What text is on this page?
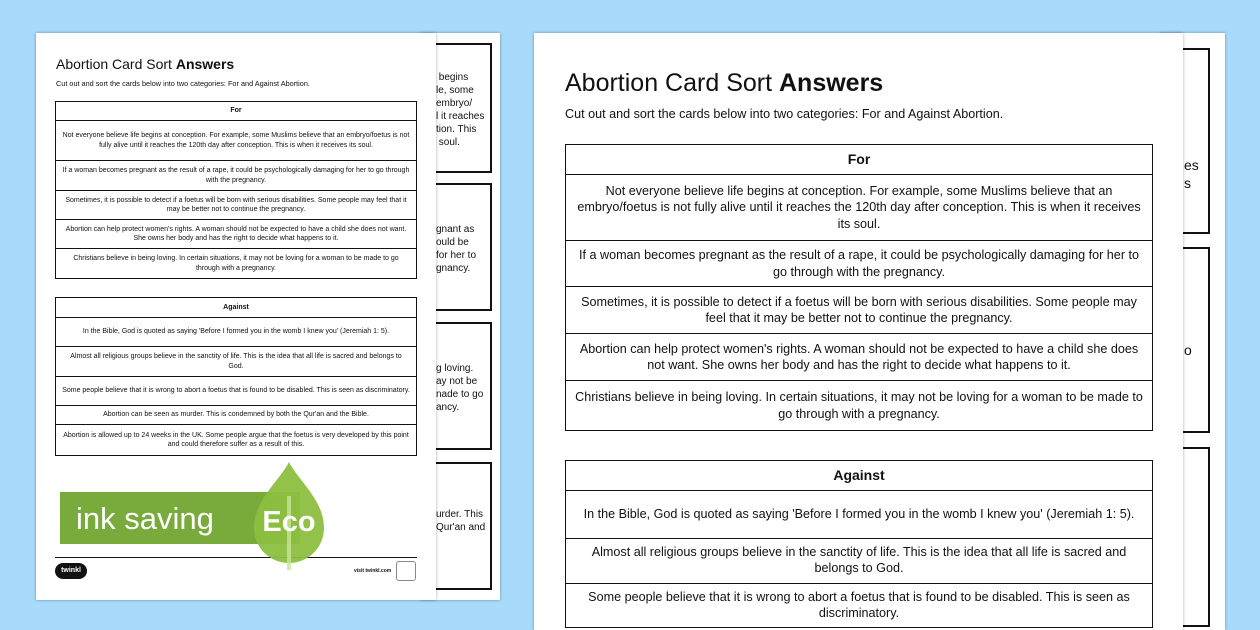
begins
le, some
embryo/
l it reaches
tion. This
soul.

gnant as
ould be
for her to
gnancy.

g loving.
ay not be
nade to go
ancy.

urder. This
Qur'an and

Abortion Card Sort Answers
Cut out and sort the cards below into two categories: For and Against Abortion.
For
Not everyone believe life begins at conception. For example, some Muslims believe that an embryo/foetus is not fully alive until it reaches the 120th day after conception. This is when it receives its soul.
If a woman becomes pregnant as the result of a rape, it could be psychologically damaging for her to go through with the pregnancy.
Sometimes, it is possible to detect if a foetus will be born with serious disabilities. Some people may feel that it may be better not to continue the pregnancy.
Abortion can help protect women's rights. A woman should not be expected to have a child she does not want. She owns her body and has the right to decide what happens to it.
Christians believe in being loving. In certain situations, it may not be loving for a woman to be made to go through with a pregnancy.
Against
In the Bible, God is quoted as saying 'Before I formed you in the womb I knew you' (Jeremiah 1: 5).
Almost all religious groups believe in the sanctity of life. This is the idea that all life is sacred and belongs to God.
Some people believe that it is wrong to abort a foetus that is found to be disabled. This is seen as discriminatory.
Abortion can be seen as murder. This is condemned by both the Qur'an and the Bible.
Abortion is allowed up to 24 weeks in the UK. Some people argue that the foetus is very developed by this point and could therefore suffer as a result of this.
twinkl	visit twinkl.com

es
s

o

Abortion Card Sort Answers
Cut out and sort the cards below into two categories: For and Against Abortion.
For
Not everyone believe life begins at conception. For example, some Muslims believe that an embryo/foetus is not fully alive until it reaches the 120th day after conception. This is when it receives its soul.
If a woman becomes pregnant as the result of a rape, it could be psychologically damaging for her to go through with the pregnancy.
Sometimes, it is possible to detect if a foetus will be born with serious disabilities. Some people may feel that it may be better not to continue the pregnancy.
Abortion can help protect women's rights. A woman should not be expected to have a child she does not want. She owns her body and has the right to decide what happens to it.
Christians believe in being loving. In certain situations, it may not be loving for a woman to be made to go through with a pregnancy.
Against
In the Bible, God is quoted as saying 'Before I formed you in the womb I knew you' (Jeremiah 1: 5).
Almost all religious groups believe in the sanctity of life. This is the idea that all life is sacred and belongs to God.
Some people believe that it is wrong to abort a foetus that is found to be disabled. This is seen as discriminatory.
ink saving	Eco
